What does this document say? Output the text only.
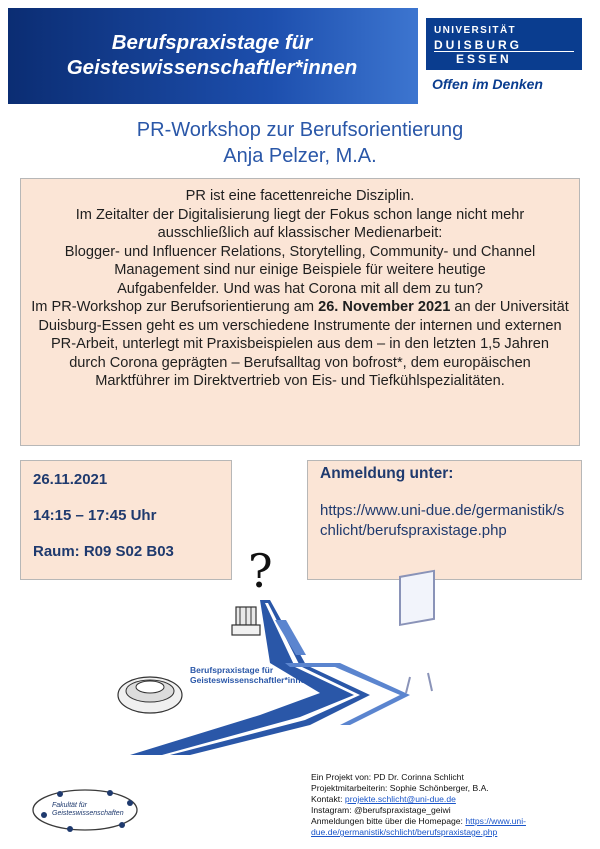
Berufspraxistage für
Geisteswissenschaftler*innen
UNIVERSITÄT
DUISBURG
ESSEN
Offen im Denken
PR-Workshop zur Berufsorientierung
Anja Pelzer, M.A.

PR ist eine facettenreiche Disziplin.

Im Zeitalter der Digitalisierung liegt der Fokus schon lange nicht mehr

ausschließlich auf klassischer Medienarbeit:

Blogger- und Influencer Relations, Storytelling, Community- und Channel

Management sind nur einige Beispiele für weitere heutige

Aufgabenfelder. Und was hat Corona mit all dem zu tun?

Im PR-Workshop zur Berufsorientierung am 26. November 2021 an der Universität Duisburg-Essen geht es um verschiedene Instrumente der internen und externen PR-Arbeit, unterlegt mit Praxisbeispielen aus dem – in den letzten 1,5 Jahren durch Corona geprägten – Berufsalltag von bofrost*, dem europäischen Marktführer im Direktvertrieb von Eis- und Tiefkühlspezialitäten.

26.11.2021
14:15 – 17:45 Uhr
Raum: R09 S02 B03
Anmeldung unter:
https://www.uni-due.de/germanistik/schlicht/berufspraxistage.php
?
Berufspraxistage für
Geisteswissenschaftler*innen
Fakultät für
Geisteswissenschaften
Ein Projekt von: PD Dr. Corinna Schlicht
Projektmitarbeiterin: Sophie Schönberger, B.A.
Kontakt: projekte.schlicht@uni-due.de
Instagram: @berufspraxistage_geiwi
Anmeldungen bitte über die Homepage: https://www.uni-due.de/germanistik/schlicht/berufspraxistage.php
